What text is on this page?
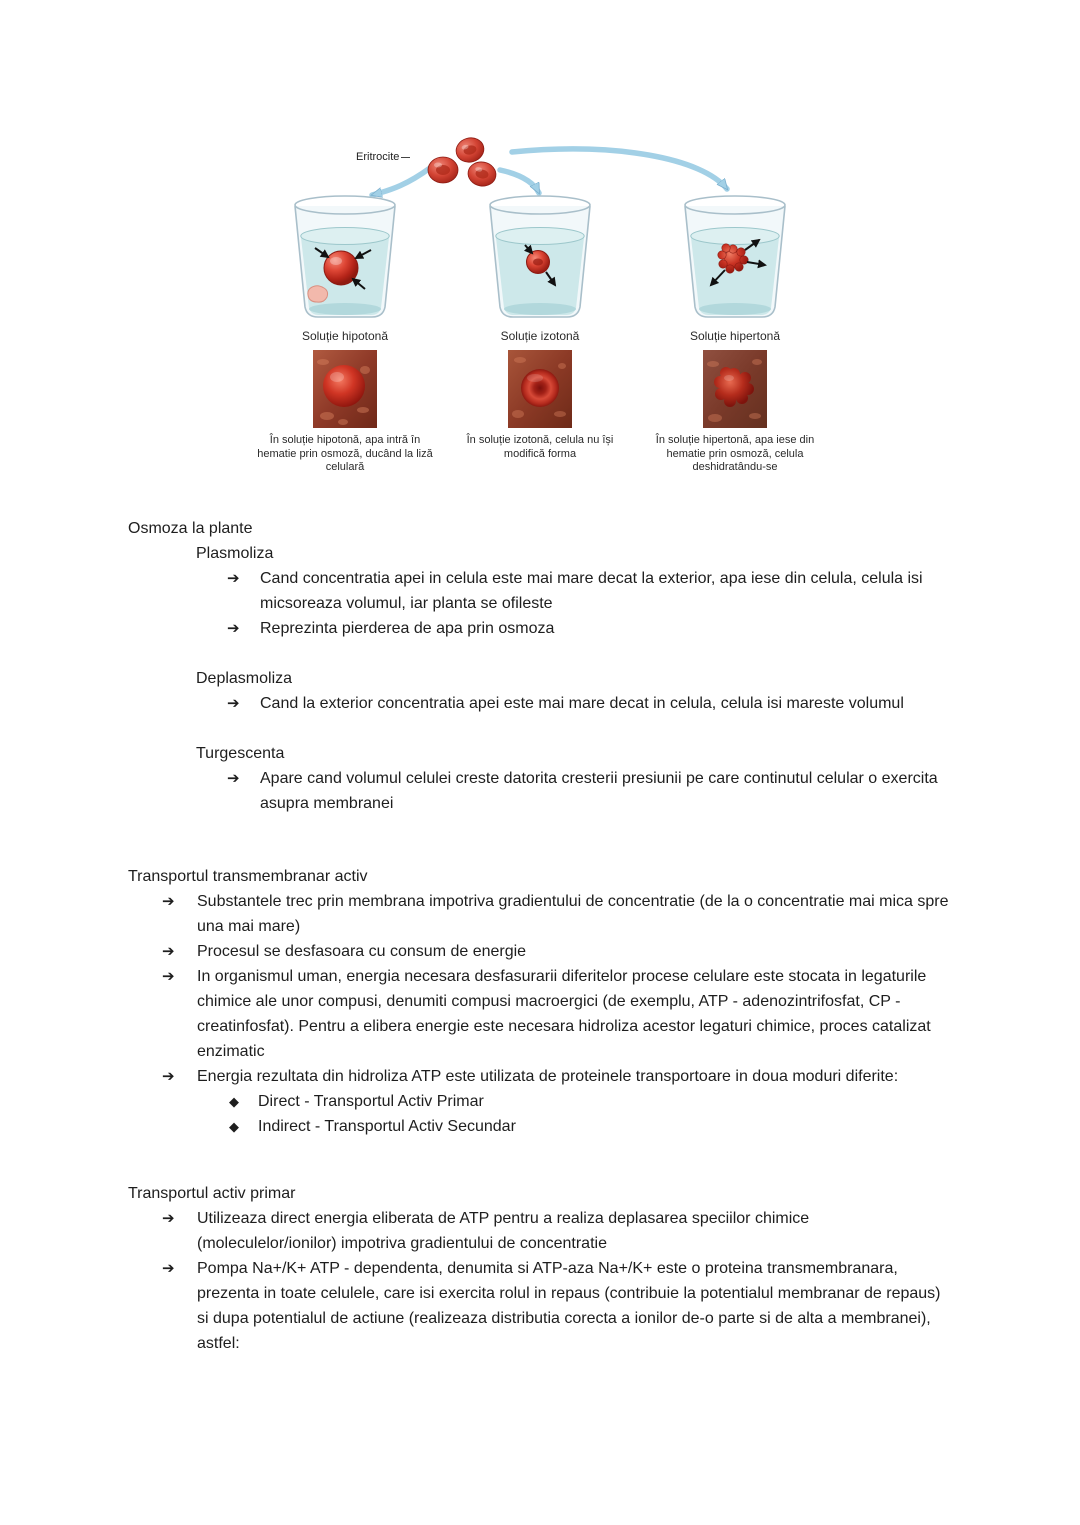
Eritrocite
Soluție hipotonă
În soluție hipotonă, apa intră în hematie prin osmoză, ducând la liză celulară
Soluție izotonă
În soluție izotonă, celula nu își modifică forma
Soluție hipertonă
În soluție hipertonă, apa iese din hematie prin osmoză, celula deshidratându-se
Osmoza la plante
Plasmoliza
➔ Cand concentratia apei in celula este mai mare decat la exterior, apa iese din celula, celula isi micsoreaza volumul, iar planta se ofileste
➔ Reprezinta pierderea de apa prin osmoza
Deplasmoliza
➔ Cand la exterior concentratia apei este mai mare decat in celula, celula isi mareste volumul
Turgescenta
➔ Apare cand volumul celulei creste datorita cresterii presiunii pe care continutul celular o exercita asupra membranei
Transportul transmembranar activ
➔ Substantele trec prin membrana impotriva gradientului de concentratie (de la o concentratie mai mica spre una mai mare)
➔ Procesul se desfasoara cu consum de energie
➔ In organismul uman, energia necesara desfasurarii diferitelor procese celulare este stocata in legaturile chimice ale unor compusi, denumiti compusi macroergici (de exemplu, ATP - adenozintrifosfat, CP - creatinfosfat). Pentru a elibera energie este necesara hidroliza acestor legaturi chimice, proces catalizat enzimatic
➔ Energia rezultata din hidroliza ATP este utilizata de proteinele transportoare in doua moduri diferite:
◆ Direct - Transportul Activ Primar
◆ Indirect - Transportul Activ Secundar
Transportul activ primar
➔ Utilizeaza direct energia eliberata de ATP pentru a realiza deplasarea speciilor chimice (moleculelor/ionilor) impotriva gradientului de concentratie
➔ Pompa Na+/K+ ATP - dependenta, denumita si ATP-aza Na+/K+ este o proteina transmembranara, prezenta in toate celulele, care isi exercita rolul in repaus (contribuie la potentialul membranar de repaus) si dupa potentialul de actiune (realizeaza distributia corecta a ionilor de-o parte si de alta a membranei), astfel:
